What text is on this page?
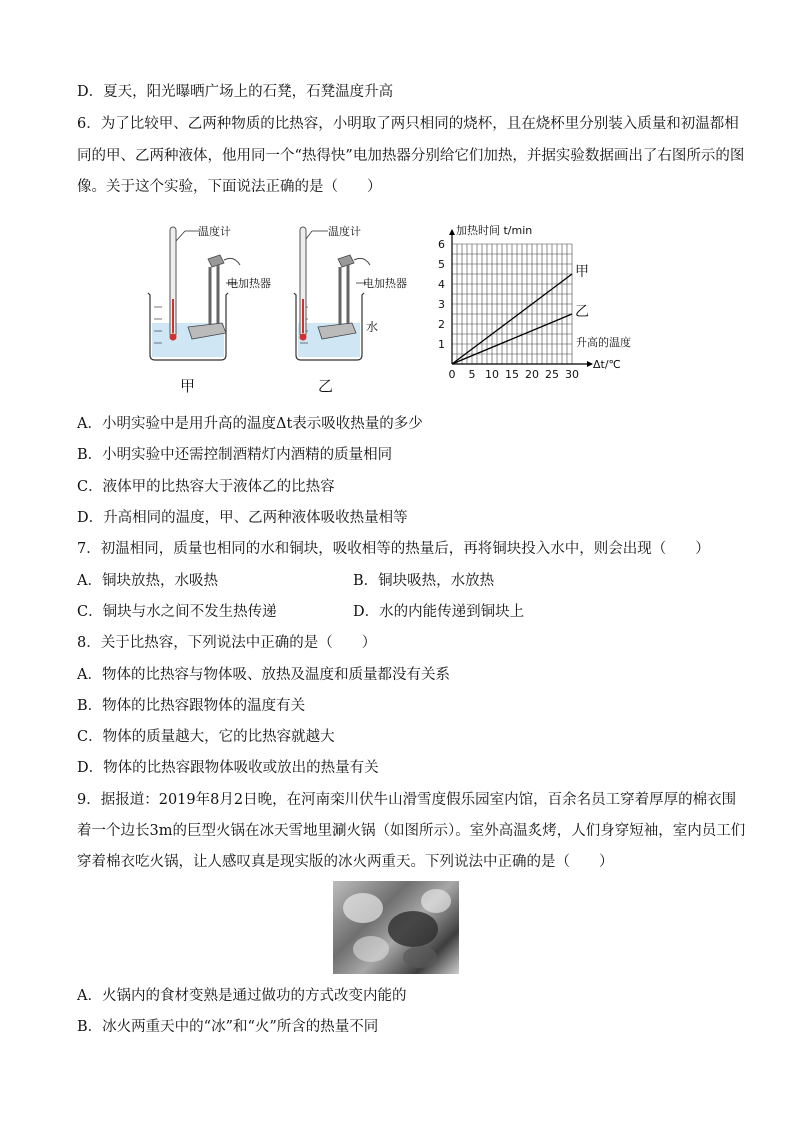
D．夏天，阳光曝晒广场上的石凳，石凳温度升高
6．为了比较甲、乙两种物质的比热容，小明取了两只相同的烧杯，且在烧杯里分别装入质量和初温都相
同的甲、乙两种液体，他用同一个“热得快”电加热器分别给它们加热，并据实验数据画出了右图所示的图
像。关于这个实验，下面说法正确的是（　　）
温度计
电加热器
甲
温度计
电加热器
水
乙
0 5 10 15 20 25 30
1
2
3
4
5
6
甲
乙
加热时间 t/min
升高的温度
Δt/℃
A．小明实验中是用升高的温度Δt表示吸收热量的多少
B．小明实验中还需控制酒精灯内酒精的质量相同
C．液体甲的比热容大于液体乙的比热容
D．升高相同的温度，甲、乙两种液体吸收热量相等
7．初温相同，质量也相同的水和铜块，吸收相等的热量后，再将铜块投入水中，则会出现（　　）
A．铜块放热，水吸热	B．铜块吸热，水放热
C．铜块与水之间不发生热传递	D．水的内能传递到铜块上
8．关于比热容，下列说法中正确的是（　　）
A．物体的比热容与物体吸、放热及温度和质量都没有关系
B．物体的比热容跟物体的温度有关
C．物体的质量越大，它的比热容就越大
D．物体的比热容跟物体吸收或放出的热量有关
9．据报道：2019年8月2日晚，在河南栾川伏牛山滑雪度假乐园室内馆，百余名员工穿着厚厚的棉衣围
着一个边长3m的巨型火锅在冰天雪地里涮火锅（如图所示）。室外高温炙烤，人们身穿短袖，室内员工们
穿着棉衣吃火锅，让人感叹真是现实版的冰火两重天。下列说法中正确的是（　　）
A．火锅内的食材变熟是通过做功的方式改变内能的
B．冰火两重天中的“冰”和“火”所含的热量不同
